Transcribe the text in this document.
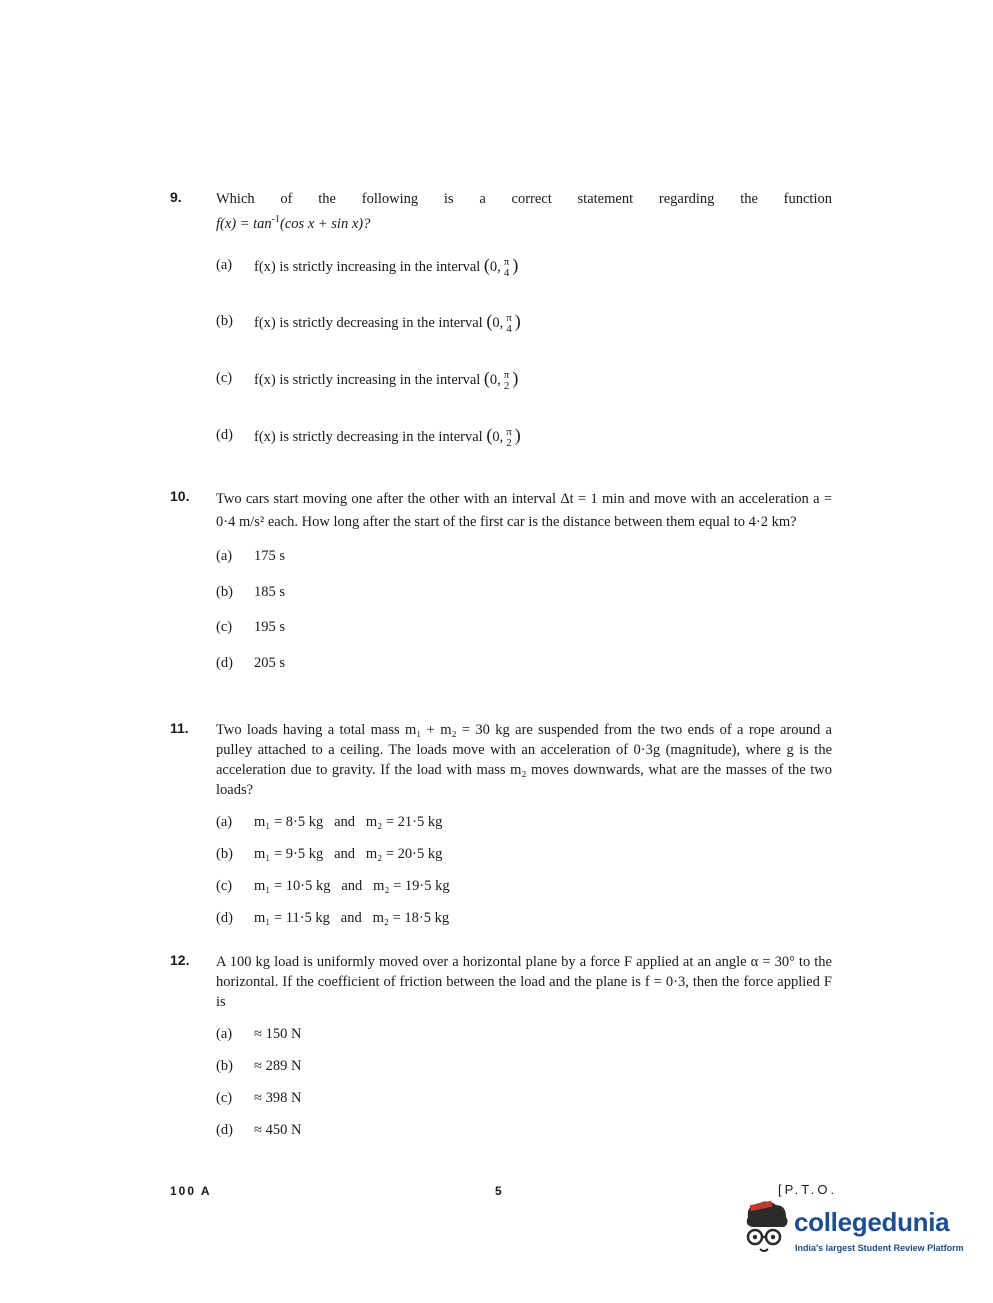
9. Which of the following is a correct statement regarding the function
$f(x) = \tan^{-1}(\cos$ x + sin x)?
(a)	f(x) is strictly increasing in the interval (0, π
4 )
(b)	f(x) is strictly decreasing in the interval (0, π
4 )
(c)	f(x) is strictly increasing in the interval (0, π
2 )
(d)	f(x) is strictly decreasing in the interval (0, π
2 )
10. Two cars start moving one after the other with an interval Δt = 1 min and move with an acceleration a = 0·4 m/s² each. How long after the start of the first car is the distance between them equal to 4·2 km?
(a)	175 s
(b)	185 s
(c)	195 s
(d)	205 s
11. Two loads having a total mass m₁ + m₂ = 30 kg are suspended from the two ends of a rope around a pulley attached to a ceiling. The loads move with an acceleration of 0·3g (magnitude), where g is the acceleration due to gravity. If the load with mass m₂ moves downwards, what are the masses of the two loads?
(a)	m₁ = 8·5 kg   and   m₂ = 21·5 kg
(b)	m₁ = 9·5 kg   and   m₂ = 20·5 kg
(c)	m₁ = 10·5 kg   and   m₂ = 19·5 kg
(d)	m₁ = 11·5 kg   and   m₂ = 18·5 kg
12. A 100 kg load is uniformly moved over a horizontal plane by a force F applied at an angle α = 30° to the horizontal. If the coefficient of friction between the load and the plane is f = 0·3, then the force applied F is
(a)	≈ 150 N
(b)	≈ 289 N
(c)	≈ 398 N
(d)	≈ 450 N
100 A	5	[P.T.O.
collegedunia
India's largest Student Review Platform
